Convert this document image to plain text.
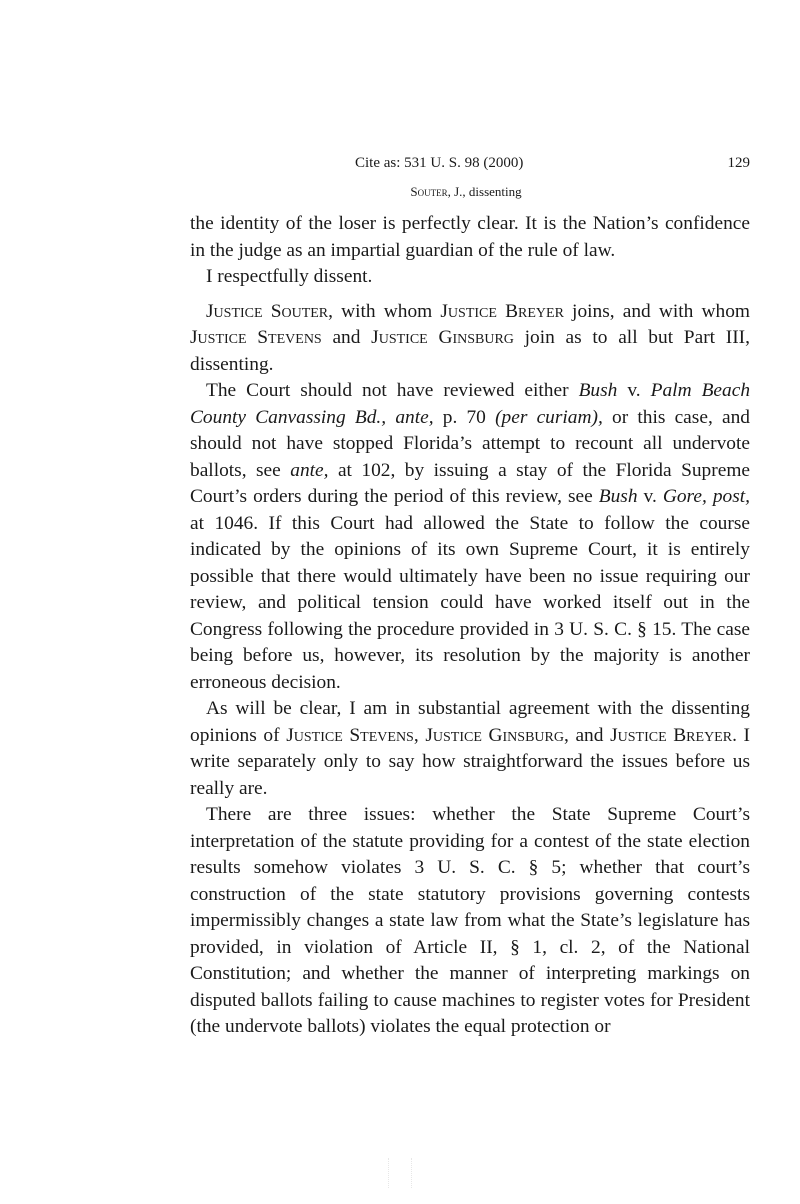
Cite as: 531 U. S. 98 (2000)	129
Souter, J., dissenting

the identity of the loser is perfectly clear. It is the Nation’s confidence in the judge as an impartial guardian of the rule of law.

I respectfully dissent.

Justice Souter, with whom Justice Breyer joins, and with whom Justice Stevens and Justice Ginsburg join as to all but Part III, dissenting.

The Court should not have reviewed either Bush v. Palm Beach County Canvassing Bd., ante, p. 70 (per curiam), or this case, and should not have stopped Florida’s attempt to recount all undervote ballots, see ante, at 102, by issuing a stay of the Florida Supreme Court’s orders during the period of this review, see Bush v. Gore, post, at 1046. If this Court had allowed the State to follow the course indicated by the opinions of its own Supreme Court, it is entirely possible that there would ultimately have been no issue requiring our review, and political tension could have worked itself out in the Congress following the procedure provided in 3 U. S. C. § 15. The case being before us, however, its resolution by the majority is another erroneous decision.

As will be clear, I am in substantial agreement with the dissenting opinions of Justice Stevens, Justice Ginsburg, and Justice Breyer. I write separately only to say how straightforward the issues before us really are.

There are three issues: whether the State Supreme Court’s interpretation of the statute providing for a contest of the state election results somehow violates 3 U. S. C. § 5; whether that court’s construction of the state statutory provisions governing contests impermissibly changes a state law from what the State’s legislature has provided, in violation of Article II, § 1, cl. 2, of the National Constitution; and whether the manner of interpreting markings on disputed ballots failing to cause machines to register votes for President (the undervote ballots) violates the equal protection or
